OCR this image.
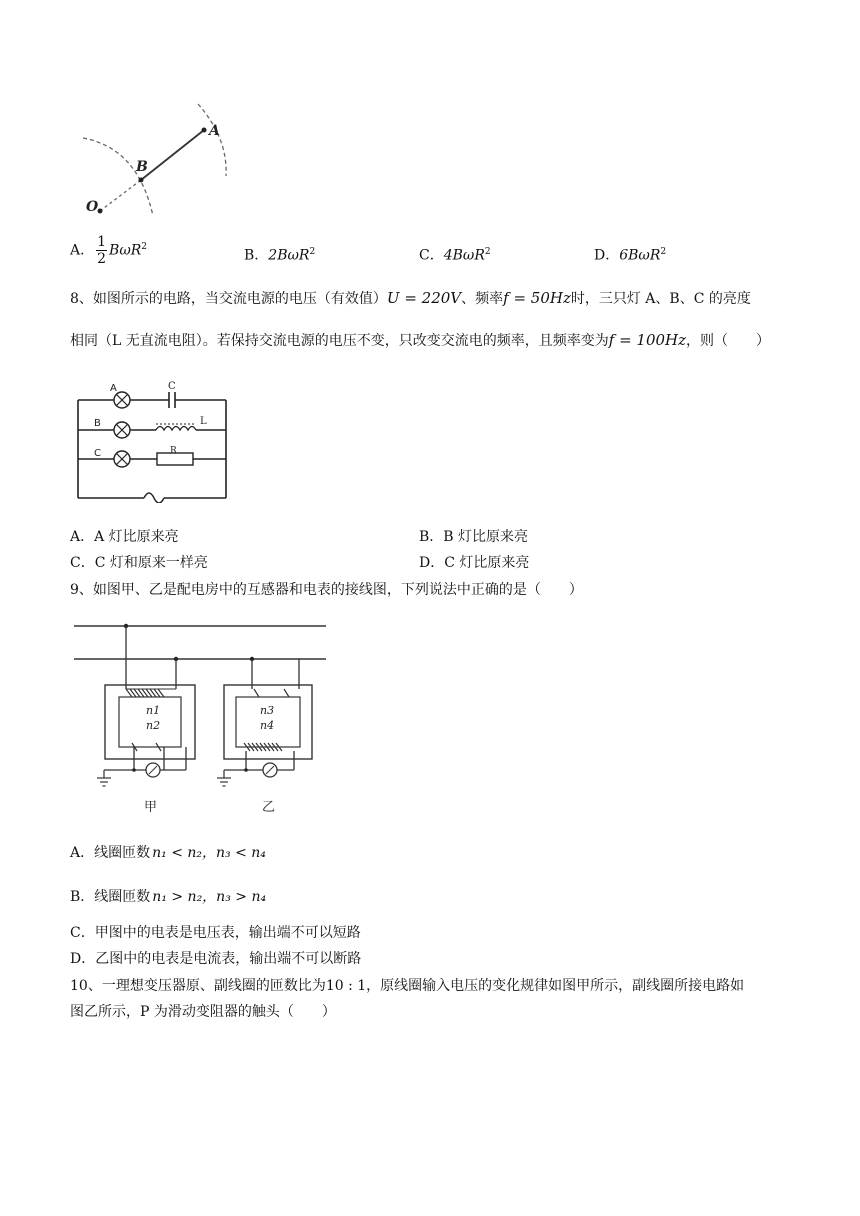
A
B
O
A． $\frac{1}{2} B\omega R^2$
B．2BωR$^2$	C．4BωR$^2$	D．6BωR$^2$
8、如图所示的电路，当交流电源的电压（有效值）U = 220V、频率f = 50Hz时，三只灯 A、B、C 的亮度
相同（L 无直流电阻）。若保持交流电源的电压不变，只改变交流电的频率，且频率变为f = 100Hz，则（　　）
A	C
B	L
C	R
A．A 灯比原来亮	B．B 灯比原来亮
C．C 灯和原来一样亮	D．C 灯比原来亮
9、如图甲、乙是配电房中的互感器和电表的接线图，下列说法中正确的是（　　）
n1
n2
甲
n3
n4
乙
A．线圈匝数 n₁ < n₂，n₃ < n₄
B．线圈匝数 n₁ > n₂，n₃ > n₄
C．甲图中的电表是电压表，输出端不可以短路
D．乙图中的电表是电流表，输出端不可以断路
10、一理想变压器原、副线圈的匝数比为10 : 1，原线圈输入电压的变化规律如图甲所示，副线圈所接电路如
图乙所示，P 为滑动变阻器的触头（　　）
